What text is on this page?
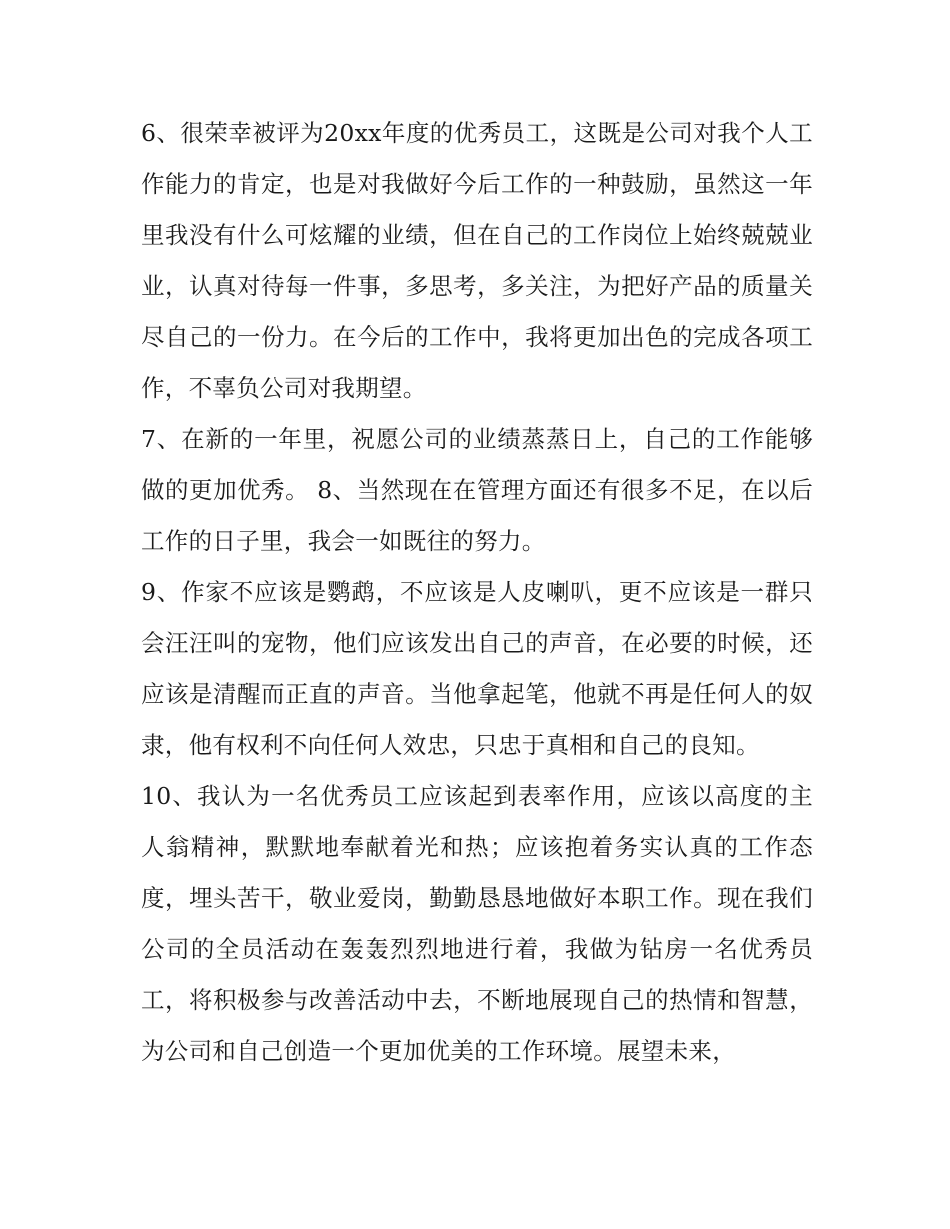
6、很荣幸被评为20xx年度的优秀员工，这既是公司对我个人工作能力的肯定，也是对我做好今后工作的一种鼓励，虽然这一年里我没有什么可炫耀的业绩，但在自己的工作岗位上始终兢兢业业，认真对待每一件事，多思考，多关注，为把好产品的质量关尽自己的一份力。在今后的工作中，我将更加出色的完成各项工作，不辜负公司对我期望。

7、在新的一年里，祝愿公司的业绩蒸蒸日上，自己的工作能够做的更加优秀。 8、当然现在在管理方面还有很多不足，在以后工作的日子里，我会一如既往的努力。

9、作家不应该是鹦鹉，不应该是人皮喇叭，更不应该是一群只会汪汪叫的宠物，他们应该发出自己的声音，在必要的时候，还应该是清醒而正直的声音。当他拿起笔，他就不再是任何人的奴隶，他有权利不向任何人效忠，只忠于真相和自己的良知。

10、我认为一名优秀员工应该起到表率作用，应该以高度的主人翁精神，默默地奉献着光和热；应该抱着务实认真的工作态度，埋头苦干，敬业爱岗，勤勤恳恳地做好本职工作。现在我们公司的全员活动在轰轰烈烈地进行着，我做为钻房一名优秀员工，将积极参与改善活动中去，不断地展现自己的热情和智慧，为公司和自己创造一个更加优美的工作环境。展望未来，
